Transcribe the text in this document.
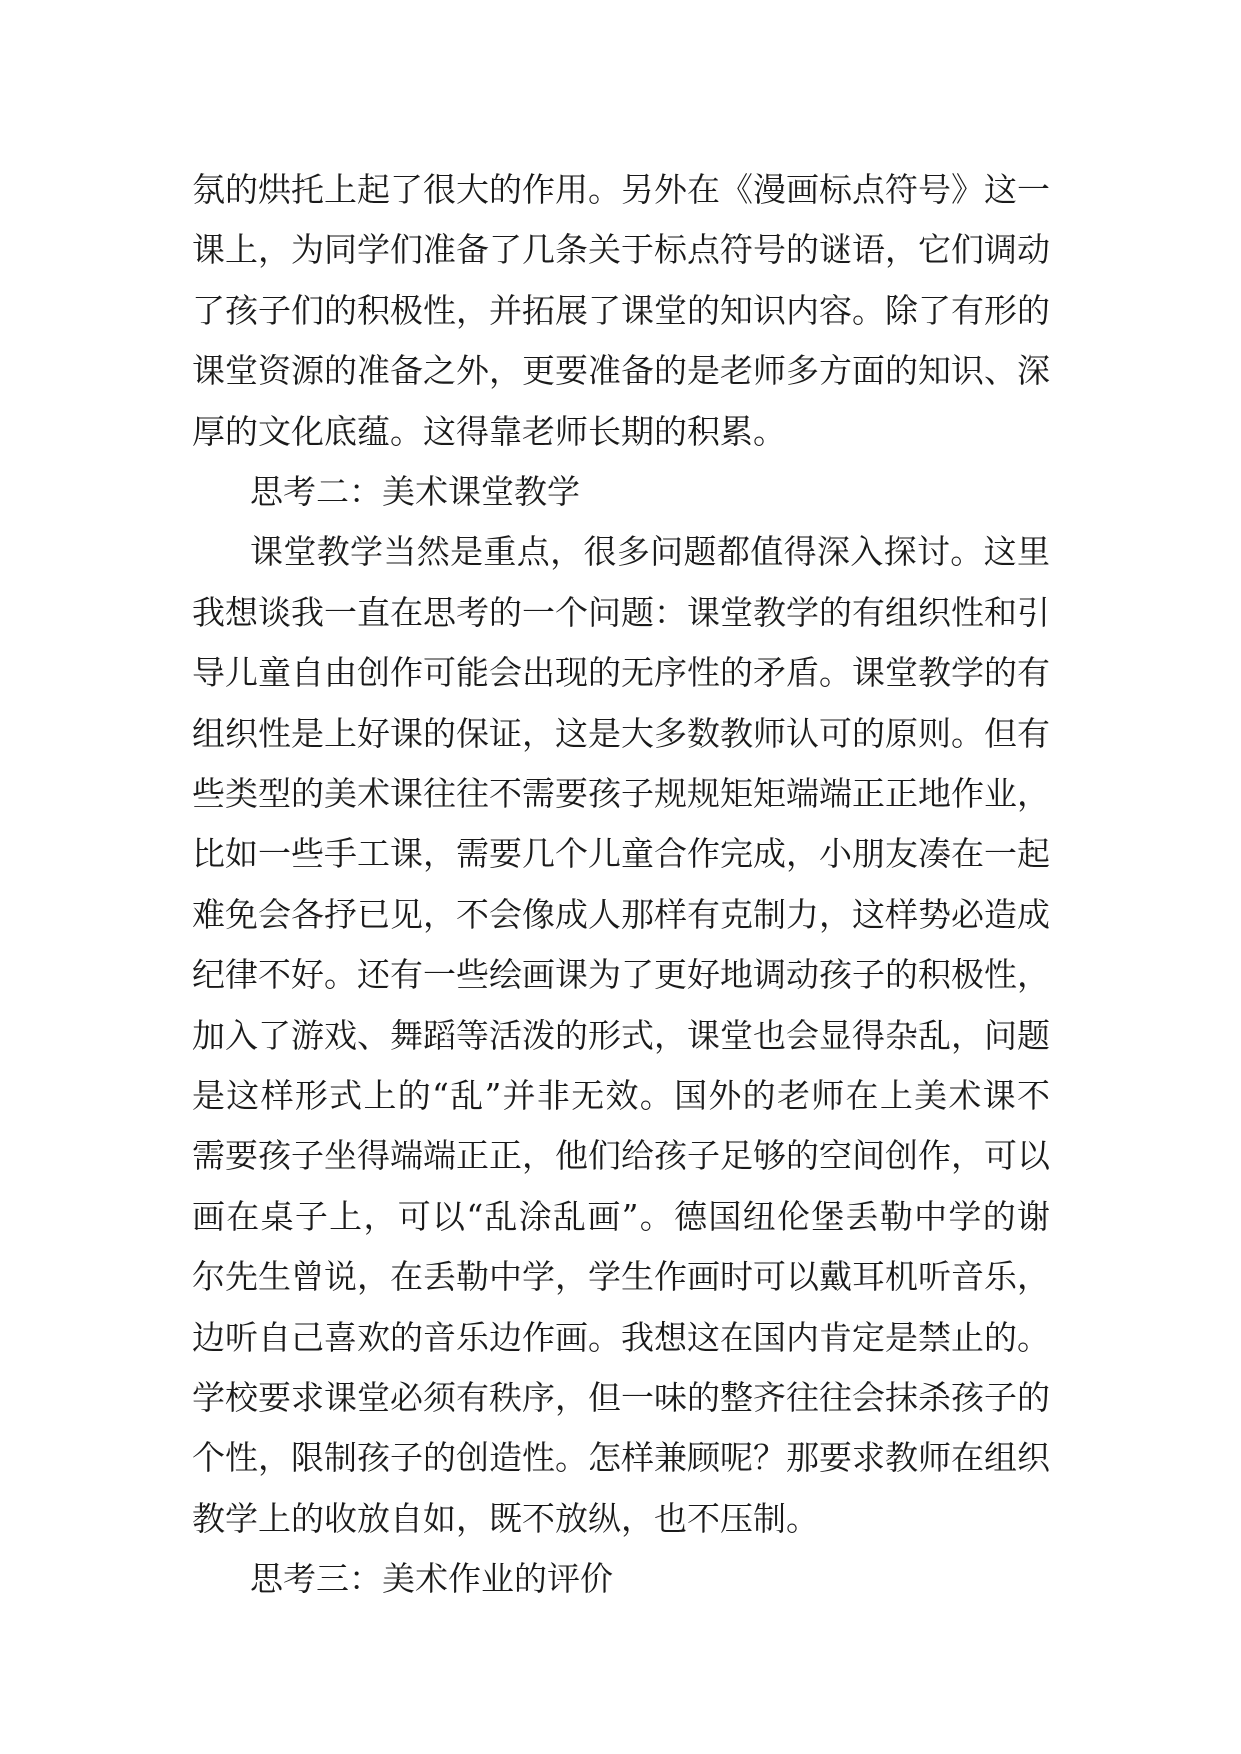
氛的烘托上起了很大的作用。另外在《漫画标点符号》这一
课上，为同学们准备了几条关于标点符号的谜语，它们调动
了孩子们的积极性，并拓展了课堂的知识内容。除了有形的
课堂资源的准备之外，更要准备的是老师多方面的知识、深
厚的文化底蕴。这得靠老师长期的积累。
思考二：美术课堂教学
课堂教学当然是重点，很多问题都值得深入探讨。这里
我想谈我一直在思考的一个问题：课堂教学的有组织性和引
导儿童自由创作可能会出现的无序性的矛盾。课堂教学的有
组织性是上好课的保证，这是大多数教师认可的原则。但有
些类型的美术课往往不需要孩子规规矩矩端端正正地作业，
比如一些手工课，需要几个儿童合作完成，小朋友凑在一起
难免会各抒已见，不会像成人那样有克制力，这样势必造成
纪律不好。还有一些绘画课为了更好地调动孩子的积极性，
加入了游戏、舞蹈等活泼的形式，课堂也会显得杂乱，问题
是这样形式上的“乱”并非无效。国外的老师在上美术课不
需要孩子坐得端端正正，他们给孩子足够的空间创作，可以
画在桌子上，可以“乱涂乱画”。德国纽伦堡丢勒中学的谢
尔先生曾说，在丢勒中学，学生作画时可以戴耳机听音乐，
边听自己喜欢的音乐边作画。我想这在国内肯定是禁止的。
学校要求课堂必须有秩序，但一味的整齐往往会抹杀孩子的
个性，限制孩子的创造性。怎样兼顾呢？那要求教师在组织
教学上的收放自如，既不放纵，也不压制。
思考三：美术作业的评价
